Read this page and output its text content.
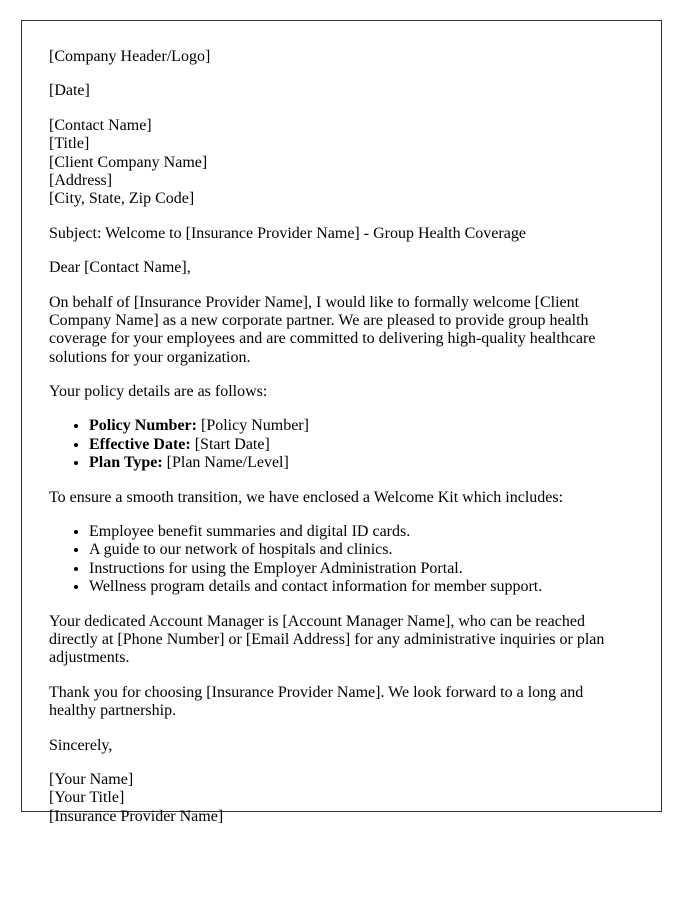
[Company Header/Logo]

[Date]

[Contact Name]
[Title]
[Client Company Name]
[Address]
[City, State, Zip Code]

Subject: Welcome to [Insurance Provider Name] - Group Health Coverage

Dear [Contact Name],

On behalf of [Insurance Provider Name], I would like to formally welcome [Client Company Name] as a new corporate partner. We are pleased to provide group health coverage for your employees and are committed to delivering high-quality healthcare solutions for your organization.

Your policy details are as follows:

• Policy Number: [Policy Number]
• Effective Date: [Start Date]
• Plan Type: [Plan Name/Level]

To ensure a smooth transition, we have enclosed a Welcome Kit which includes:

• Employee benefit summaries and digital ID cards.
• A guide to our network of hospitals and clinics.
• Instructions for using the Employer Administration Portal.
• Wellness program details and contact information for member support.

Your dedicated Account Manager is [Account Manager Name], who can be reached directly at [Phone Number] or [Email Address] for any administrative inquiries or plan adjustments.

Thank you for choosing [Insurance Provider Name]. We look forward to a long and healthy partnership.

Sincerely,

[Your Name]
[Your Title]
[Insurance Provider Name]
